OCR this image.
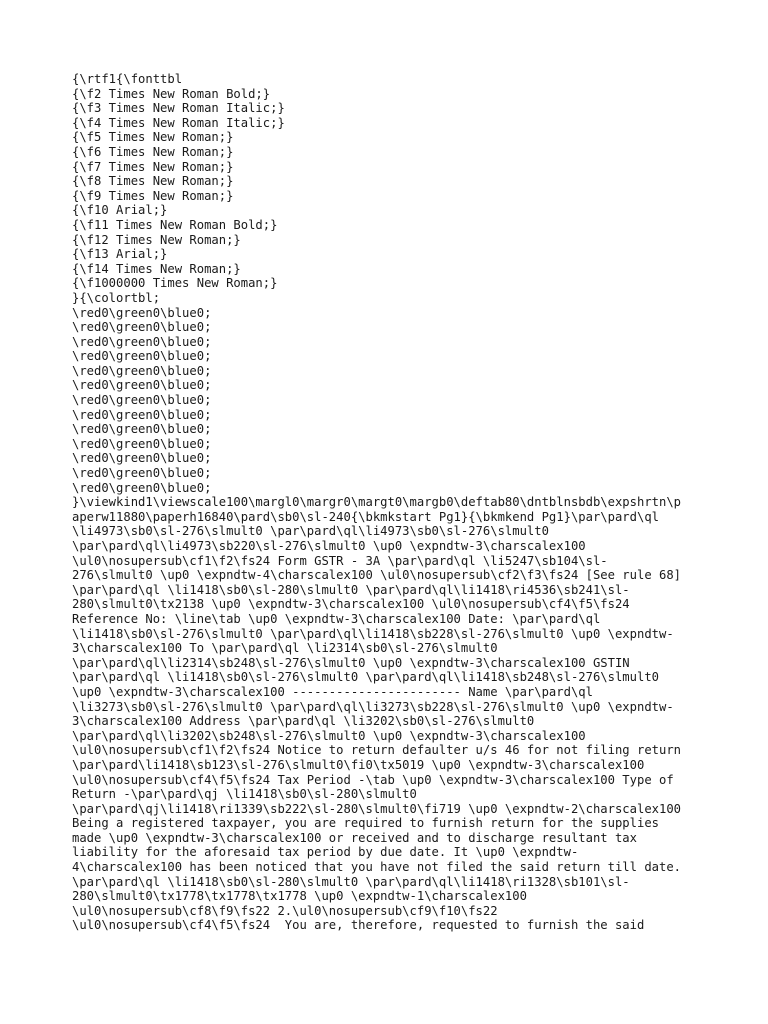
{\rtf1{\fonttbl
{\f2 Times New Roman Bold;}
{\f3 Times New Roman Italic;}
{\f4 Times New Roman Italic;}
{\f5 Times New Roman;}
{\f6 Times New Roman;}
{\f7 Times New Roman;}
{\f8 Times New Roman;}
{\f9 Times New Roman;}
{\f10 Arial;}
{\f11 Times New Roman Bold;}
{\f12 Times New Roman;}
{\f13 Arial;}
{\f14 Times New Roman;}
{\f1000000 Times New Roman;}
}{\colortbl;
\red0\green0\blue0;
\red0\green0\blue0;
\red0\green0\blue0;
\red0\green0\blue0;
\red0\green0\blue0;
\red0\green0\blue0;
\red0\green0\blue0;
\red0\green0\blue0;
\red0\green0\blue0;
\red0\green0\blue0;
\red0\green0\blue0;
\red0\green0\blue0;
\red0\green0\blue0;
}\viewkind1\viewscale100\margl0\margr0\margt0\margb0\deftab80\dntblnsbdb\expshrtn\p
aperw11880\paperh16840\pard\sb0\sl-240{\bkmkstart Pg1}{\bkmkend Pg1}\par\pard\ql
\li4973\sb0\sl-276\slmult0 \par\pard\ql\li4973\sb0\sl-276\slmult0
\par\pard\ql\li4973\sb220\sl-276\slmult0 \up0 \expndtw-3\charscalex100
\ul0\nosupersub\cf1\f2\fs24 Form GSTR - 3A \par\pard\ql \li5247\sb104\sl-
276\slmult0 \up0 \expndtw-4\charscalex100 \ul0\nosupersub\cf2\f3\fs24 [See rule 68]
\par\pard\ql \li1418\sb0\sl-280\slmult0 \par\pard\ql\li1418\ri4536\sb241\sl-
280\slmult0\tx2138 \up0 \expndtw-3\charscalex100 \ul0\nosupersub\cf4\f5\fs24
Reference No: \line\tab \up0 \expndtw-3\charscalex100 Date: \par\pard\ql
\li1418\sb0\sl-276\slmult0 \par\pard\ql\li1418\sb228\sl-276\slmult0 \up0 \expndtw-
3\charscalex100 To \par\pard\ql \li2314\sb0\sl-276\slmult0
\par\pard\ql\li2314\sb248\sl-276\slmult0 \up0 \expndtw-3\charscalex100 GSTIN
\par\pard\ql \li1418\sb0\sl-276\slmult0 \par\pard\ql\li1418\sb248\sl-276\slmult0
\up0 \expndtw-3\charscalex100 ----------------------- Name \par\pard\ql
\li3273\sb0\sl-276\slmult0 \par\pard\ql\li3273\sb228\sl-276\slmult0 \up0 \expndtw-
3\charscalex100 Address \par\pard\ql \li3202\sb0\sl-276\slmult0
\par\pard\ql\li3202\sb248\sl-276\slmult0 \up0 \expndtw-3\charscalex100
\ul0\nosupersub\cf1\f2\fs24 Notice to return defaulter u/s 46 for not filing return
\par\pard\li1418\sb123\sl-276\slmult0\fi0\tx5019 \up0 \expndtw-3\charscalex100
\ul0\nosupersub\cf4\f5\fs24 Tax Period -\tab \up0 \expndtw-3\charscalex100 Type of
Return -\par\pard\qj \li1418\sb0\sl-280\slmult0
\par\pard\qj\li1418\ri1339\sb222\sl-280\slmult0\fi719 \up0 \expndtw-2\charscalex100
Being a registered taxpayer, you are required to furnish return for the supplies
made \up0 \expndtw-3\charscalex100 or received and to discharge resultant tax
liability for the aforesaid tax period by due date. It \up0 \expndtw-
4\charscalex100 has been noticed that you have not filed the said return till date.
\par\pard\ql \li1418\sb0\sl-280\slmult0 \par\pard\ql\li1418\ri1328\sb101\sl-
280\slmult0\tx1778\tx1778\tx1778 \up0 \expndtw-1\charscalex100
\ul0\nosupersub\cf8\f9\fs22 2.\ul0\nosupersub\cf9\f10\fs22
\ul0\nosupersub\cf4\f5\fs24  You are, therefore, requested to furnish the said
